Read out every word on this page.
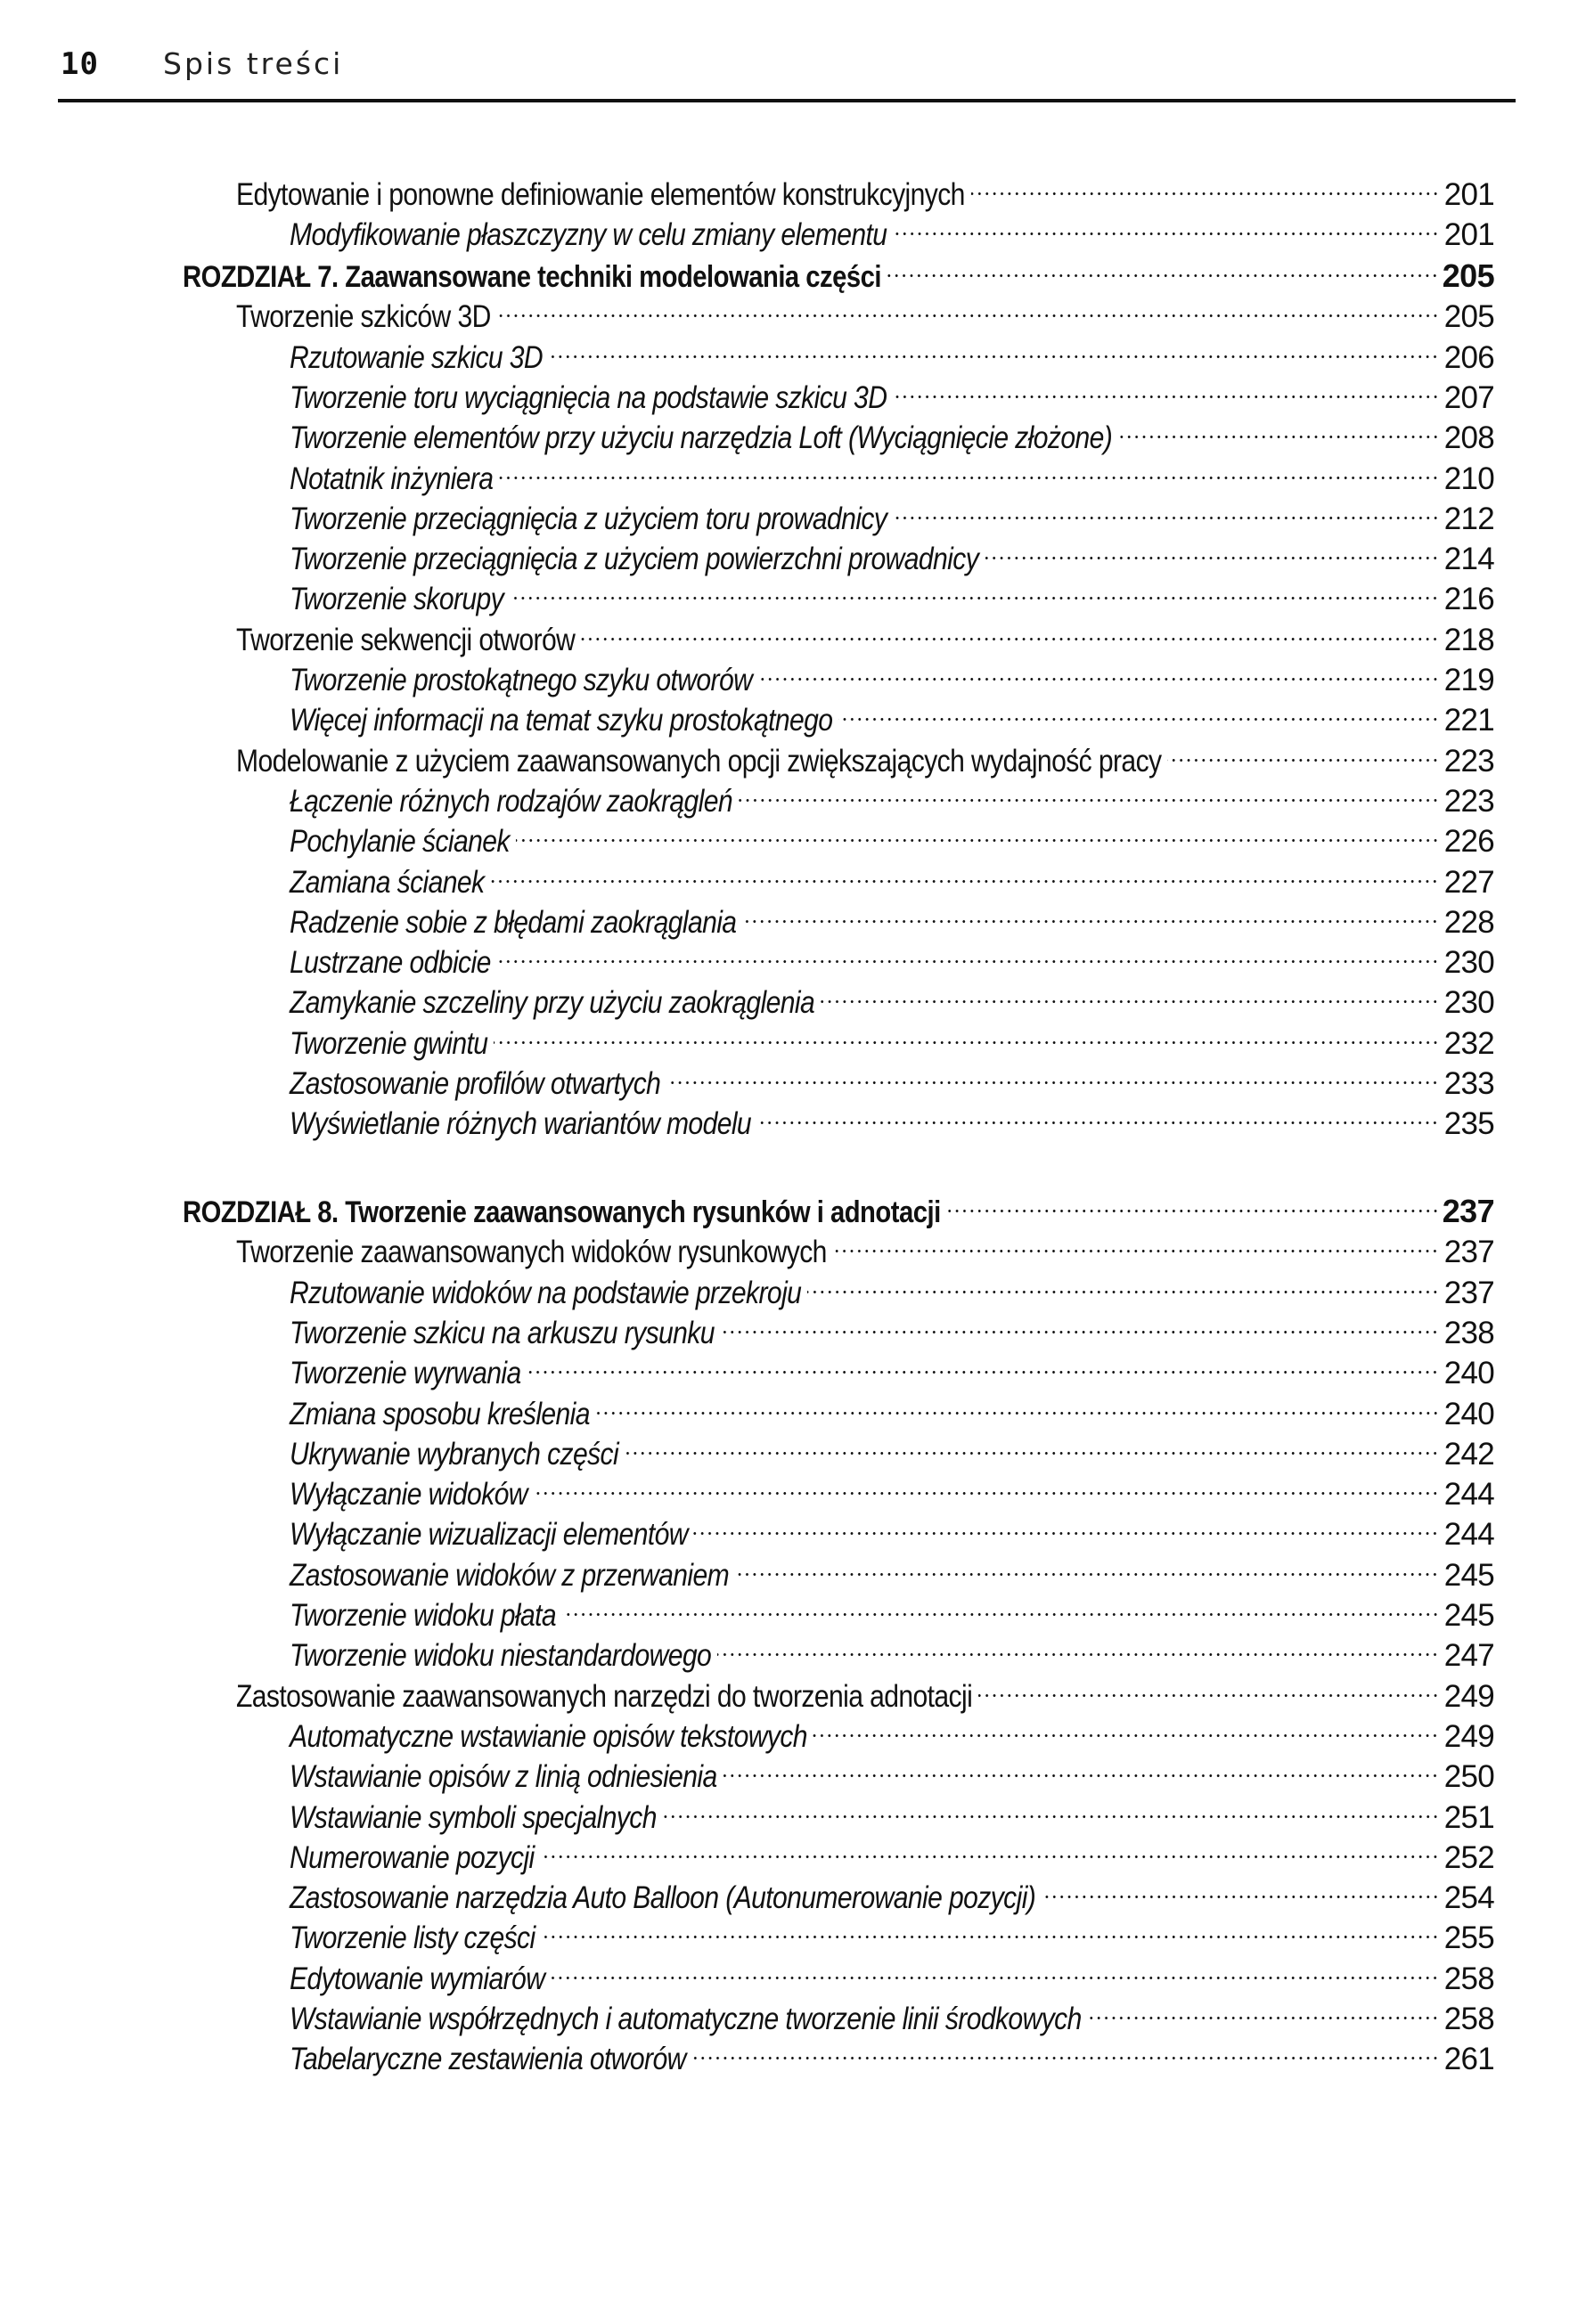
10	Spis treści
Edytowanie i ponowne definiowanie elementów konstrukcyjnych	201
Modyfikowanie płaszczyzny w celu zmiany elementu	201
ROZDZIAŁ 7. Zaawansowane techniki modelowania części	205
Tworzenie szkiców 3D	205
Rzutowanie szkicu 3D	206
Tworzenie toru wyciągnięcia na podstawie szkicu 3D	207
Tworzenie elementów przy użyciu narzędzia Loft (Wyciągnięcie złożone)	208
Notatnik inżyniera	210
Tworzenie przeciągnięcia z użyciem toru prowadnicy	212
Tworzenie przeciągnięcia z użyciem powierzchni prowadnicy	214
Tworzenie skorupy	216
Tworzenie sekwencji otworów	218
Tworzenie prostokątnego szyku otworów	219
Więcej informacji na temat szyku prostokątnego	221
Modelowanie z użyciem zaawansowanych opcji zwiększających wydajność pracy	223
Łączenie różnych rodzajów zaokrągleń	223
Pochylanie ścianek	226
Zamiana ścianek	227
Radzenie sobie z błędami zaokrąglania	228
Lustrzane odbicie	230
Zamykanie szczeliny przy użyciu zaokrąglenia	230
Tworzenie gwintu	232
Zastosowanie profilów otwartych	233
Wyświetlanie różnych wariantów modelu	235
ROZDZIAŁ 8. Tworzenie zaawansowanych rysunków i adnotacji	237
Tworzenie zaawansowanych widoków rysunkowych	237
Rzutowanie widoków na podstawie przekroju	237
Tworzenie szkicu na arkuszu rysunku	238
Tworzenie wyrwania	240
Zmiana sposobu kreślenia	240
Ukrywanie wybranych części	242
Wyłączanie widoków	244
Wyłączanie wizualizacji elementów	244
Zastosowanie widoków z przerwaniem	245
Tworzenie widoku płata	245
Tworzenie widoku niestandardowego	247
Zastosowanie zaawansowanych narzędzi do tworzenia adnotacji	249
Automatyczne wstawianie opisów tekstowych	249
Wstawianie opisów z linią odniesienia	250
Wstawianie symboli specjalnych	251
Numerowanie pozycji	252
Zastosowanie narzędzia Auto Balloon (Autonumerowanie pozycji)	254
Tworzenie listy części	255
Edytowanie wymiarów	258
Wstawianie współrzędnych i automatyczne tworzenie linii środkowych	258
Tabelaryczne zestawienia otworów	261
